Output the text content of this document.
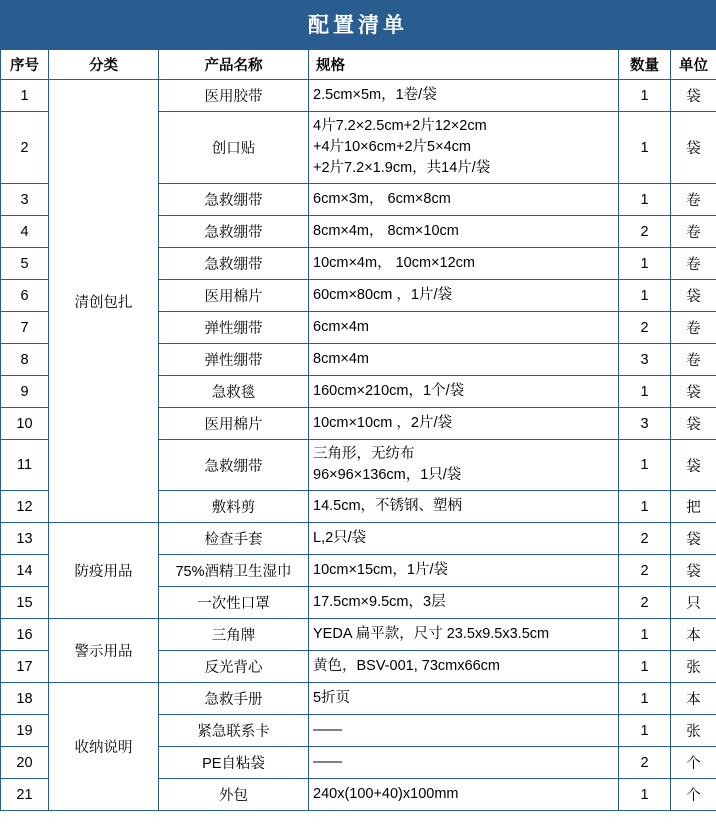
配置清单
序号	分类	产品名称	规格	数量	单位
1	清创包扎	医用胶带	2.5cm×5m，1卷/袋	1	袋
2		创口贴	4片7.2×2.5cm+2片12×2cm
+4片10×6cm+2片5×4cm
+2片7.2×1.9cm，共14片/袋	1	袋
3		急救绷带	6cm×3m， 6cm×8cm	1	卷
4		急救绷带	8cm×4m， 8cm×10cm	2	卷
5		急救绷带	10cm×4m， 10cm×12cm	1	卷
6		医用棉片	60cm×80cm ，1片/袋	1	袋
7		弹性绷带	6cm×4m	2	卷
8		弹性绷带	8cm×4m	3	卷
9		急救毯	160cm×210cm，1个/袋	1	袋
10		医用棉片	10cm×10cm ，2片/袋	3	袋
11		急救绷带	三角形，无纺布
96×96×136cm，1只/袋	1	袋
12		敷料剪	14.5cm，不锈钢、塑柄	1	把
13	防疫用品	检查手套	L,2只/袋	2	袋
14		75%酒精卫生湿巾	10cm×15cm，1片/袋	2	袋
15		一次性口罩	17.5cm×9.5cm，3层	2	只
16	警示用品	三角牌	YEDA 扁平款，尺寸 23.5x9.5x3.5cm	1	本
17		反光背心	黄色，BSV-001, 73cmx66cm	1	张
18	收纳说明	急救手册	5折页	1	本
19		紧急联系卡	——	1	张
20		PE自粘袋	——	2	个
21		外包	240x(100+40)x100mm	1	个
